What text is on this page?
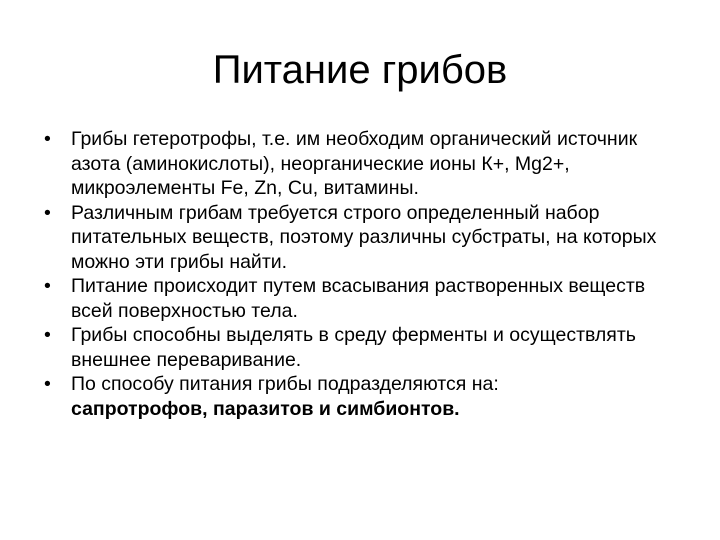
Питание грибов
• Грибы гетеротрофы, т.е. им необходим органический источник азота (аминокислоты), неорганические ионы К+, Mg2+, микроэлементы Fe, Zn, Cu, витамины.
• Различным грибам требуется строго определенный набор питательных веществ, поэтому различны субстраты, на которых можно эти грибы найти.
• Питание происходит путем всасывания растворенных веществ всей поверхностью тела.
• Грибы способны выделять в среду ферменты и осуществлять внешнее переваривание.
• По способу питания грибы подразделяются на:
сапротрофов, паразитов и симбионтов.
